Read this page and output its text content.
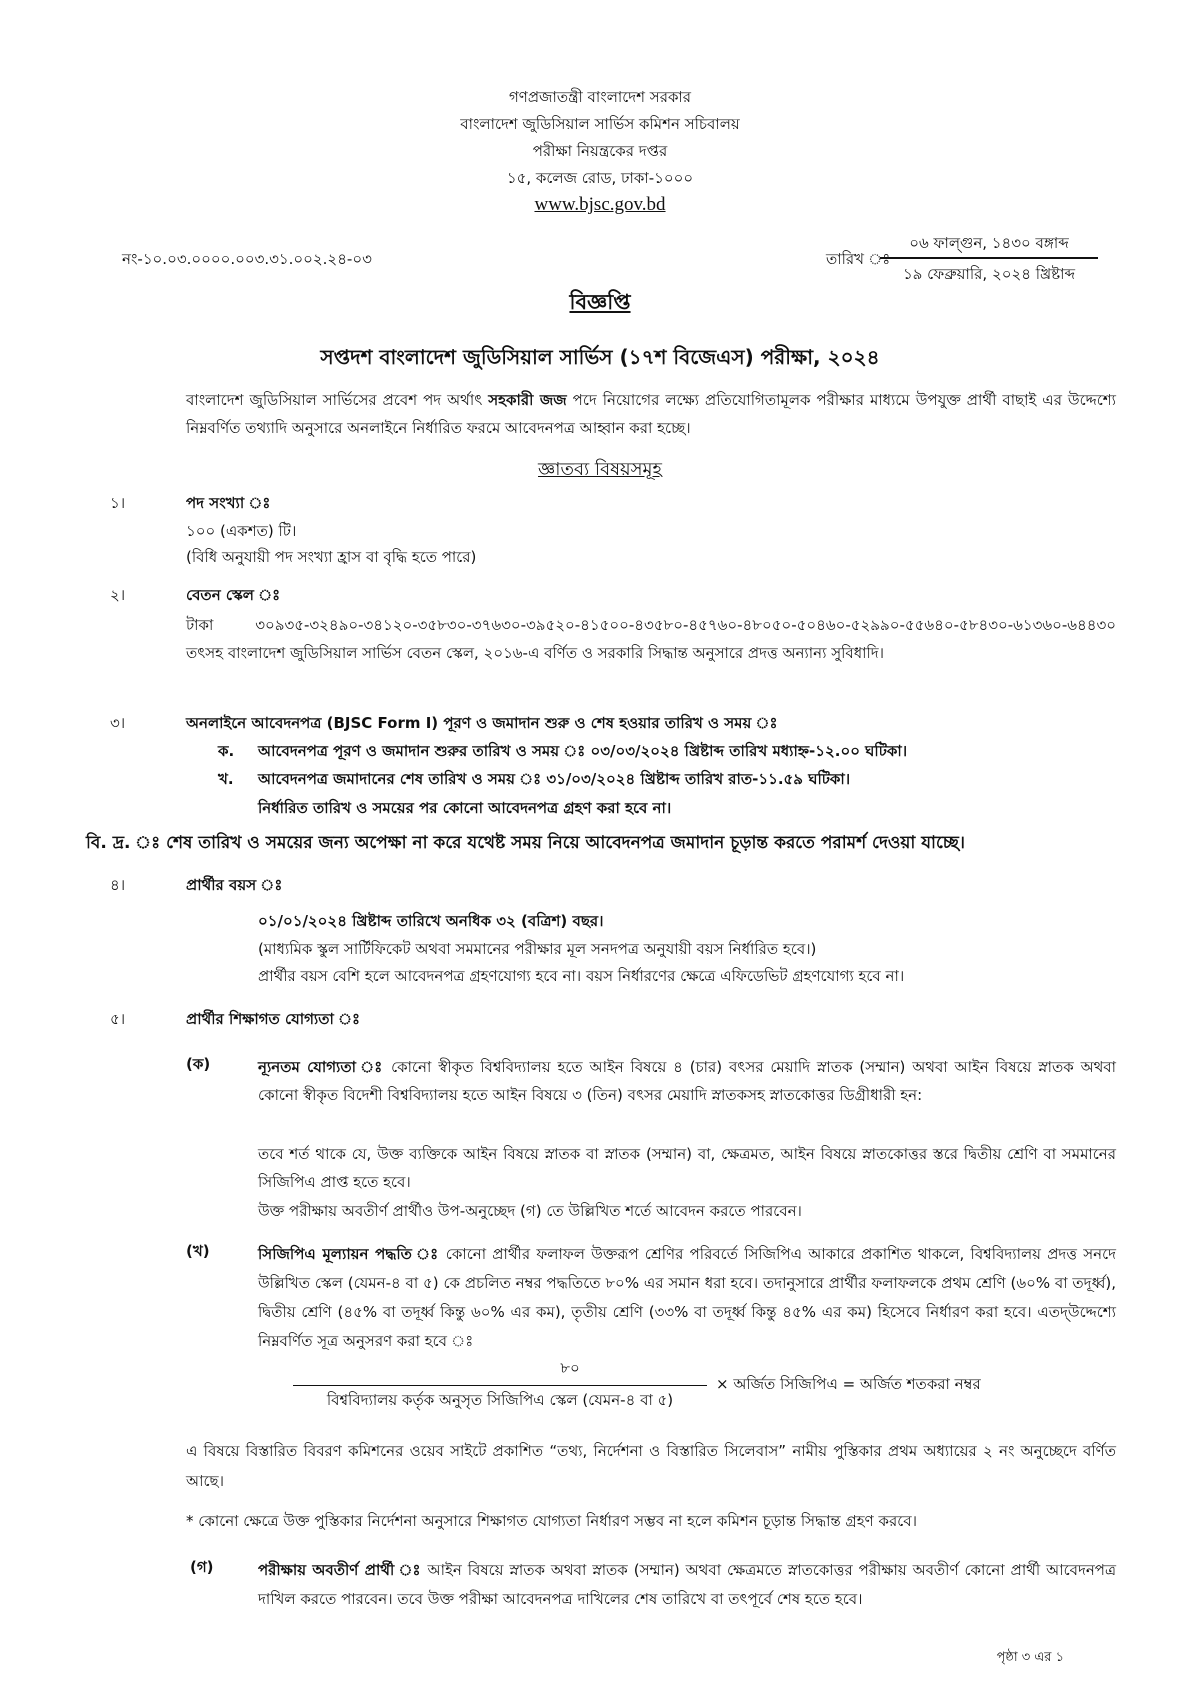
গণপ্রজাতন্ত্রী বাংলাদেশ সরকার
বাংলাদেশ জুডিসিয়াল সার্ভিস কমিশন সচিবালয়
পরীক্ষা নিয়ন্ত্রকের দপ্তর
১৫, কলেজ রোড, ঢাকা-১০০০
www.bjsc.gov.bd
নং-১০.০৩.০০০০.০০৩.৩১.০০২.২৪-০৩	তারিখ ঃ
০৬ ফাল্গুন, ১৪৩০ বঙ্গাব্দ
১৯ ফেব্রুয়ারি, ২০২৪ খ্রিষ্টাব্দ
বিজ্ঞপ্তি
সপ্তদশ বাংলাদেশ জুডিসিয়াল সার্ভিস (১৭শ বিজেএস) পরীক্ষা, ২০২৪
বাংলাদেশ জুডিসিয়াল সার্ভিসের প্রবেশ পদ অর্থাৎ সহকারী জজ পদে নিয়োগের লক্ষ্যে প্রতিযোগিতামূলক পরীক্ষার মাধ্যমে উপযুক্ত প্রার্থী বাছাই এর উদ্দেশ্যে নিম্নবর্ণিত তথ্যাদি অনুসারে অনলাইনে নির্ধারিত ফরমে আবেদনপত্র আহ্বান করা হচ্ছে।
জ্ঞাতব্য বিষয়সমূহ
১।	পদ সংখ্যা ঃ
১০০ (একশত) টি।
(বিধি অনুযায়ী পদ সংখ্যা হ্রাস বা বৃদ্ধি হতে পারে)
২।	বেতন স্কেল ঃ
টাকা ৩০৯৩৫-৩২৪৯০-৩৪১২০-৩৫৮৩০-৩৭৬৩০-৩৯৫২০-৪১৫০০-৪৩৫৮০-৪৫৭৬০-৪৮০৫০-৫০৪৬০-৫২৯৯০-৫৫৬৪০-৫৮৪৩০-৬১৩৬০-৬৪৪৩০ তৎসহ বাংলাদেশ জুডিসিয়াল সার্ভিস বেতন স্কেল, ২০১৬-এ বর্ণিত ও সরকারি সিদ্ধান্ত অনুসারে প্রদত্ত অন্যান্য সুবিধাদি।
৩।	অনলাইনে আবেদনপত্র (BJSC Form I) পূরণ ও জমাদান শুরু ও শেষ হওয়ার তারিখ ও সময় ঃ
ক. আবেদনপত্র পূরণ ও জমাদান শুরুর তারিখ ও সময় ঃ ০৩/০৩/২০২৪ খ্রিষ্টাব্দ তারিখ মধ্যাহ্ন-১২.০০ ঘটিকা।
খ. আবেদনপত্র জমাদানের শেষ তারিখ ও সময় ঃ ৩১/০৩/২০২৪ খ্রিষ্টাব্দ তারিখ রাত-১১.৫৯ ঘটিকা।
নির্ধারিত তারিখ ও সময়ের পর কোনো আবেদনপত্র গ্রহণ করা হবে না।
বি. দ্র. ঃ শেষ তারিখ ও সময়ের জন্য অপেক্ষা না করে যথেষ্ট সময় নিয়ে আবেদনপত্র জমাদান চূড়ান্ত করতে পরামর্শ দেওয়া যাচ্ছে।
৪।	প্রার্থীর বয়স ঃ
০১/০১/২০২৪ খ্রিষ্টাব্দ তারিখে অনধিক ৩২ (বত্রিশ) বছর।
(মাধ্যমিক স্কুল সার্টিফিকেট অথবা সমমানের পরীক্ষার মূল সনদপত্র অনুযায়ী বয়স নির্ধারিত হবে।)
প্রার্থীর বয়স বেশি হলে আবেদনপত্র গ্রহণযোগ্য হবে না। বয়স নির্ধারণের ক্ষেত্রে এফিডেভিট গ্রহণযোগ্য হবে না।
৫।	প্রার্থীর শিক্ষাগত যোগ্যতা ঃ
(ক)	ন্যূনতম যোগ্যতা ঃ কোনো স্বীকৃত বিশ্ববিদ্যালয় হতে আইন বিষয়ে ৪ (চার) বৎসর মেয়াদি স্নাতক (সম্মান) অথবা আইন বিষয়ে স্নাতক অথবা কোনো স্বীকৃত বিদেশী বিশ্ববিদ্যালয় হতে আইন বিষয়ে ৩ (তিন) বৎসর মেয়াদি স্নাতকসহ স্নাতকোত্তর ডিগ্রীধারী হন:
তবে শর্ত থাকে যে, উক্ত ব্যক্তিকে আইন বিষয়ে স্নাতক বা স্নাতক (সম্মান) বা, ক্ষেত্রমত, আইন বিষয়ে স্নাতকোত্তর স্তরে দ্বিতীয় শ্রেণি বা সমমানের সিজিপিএ প্রাপ্ত হতে হবে।
উক্ত পরীক্ষায় অবতীর্ণ প্রার্থীও উপ-অনুচ্ছেদ (গ) তে উল্লিখিত শর্তে আবেদন করতে পারবেন।
(খ)	সিজিপিএ মূল্যায়ন পদ্ধতি ঃ কোনো প্রার্থীর ফলাফল উক্তরূপ শ্রেণির পরিবর্তে সিজিপিএ আকারে প্রকাশিত থাকলে, বিশ্ববিদ্যালয় প্রদত্ত সনদে উল্লিখিত স্কেল (যেমন-৪ বা ৫) কে প্রচলিত নম্বর পদ্ধতিতে ৮০% এর সমান ধরা হবে। তদানুসারে প্রার্থীর ফলাফলকে প্রথম শ্রেণি (৬০% বা তদূর্ধ্ব), দ্বিতীয় শ্রেণি (৪৫% বা তদূর্ধ্ব কিন্তু ৬০% এর কম), তৃতীয় শ্রেণি (৩৩% বা তদূর্ধ্ব কিন্তু ৪৫% এর কম) হিসেবে নির্ধারণ করা হবে। এতদ্‌উদ্দেশ্যে নিম্নবর্ণিত সূত্র অনুসরণ করা হবে ঃ
৮০
বিশ্ববিদ্যালয় কর্তৃক অনুসৃত সিজিপিএ স্কেল (যেমন-৪ বা ৫)
× অর্জিত সিজিপিএ = অর্জিত শতকরা নম্বর
এ বিষয়ে বিস্তারিত বিবরণ কমিশনের ওয়েব সাইটে প্রকাশিত “তথ্য, নির্দেশনা ও বিস্তারিত সিলেবাস” নামীয় পুস্তিকার প্রথম অধ্যায়ের ২ নং অনুচ্ছেদে বর্ণিত আছে।
* কোনো ক্ষেত্রে উক্ত পুস্তিকার নির্দেশনা অনুসারে শিক্ষাগত যোগ্যতা নির্ধারণ সম্ভব না হলে কমিশন চূড়ান্ত সিদ্ধান্ত গ্রহণ করবে।
(গ)	পরীক্ষায় অবতীর্ণ প্রার্থী ঃ আইন বিষয়ে স্নাতক অথবা স্নাতক (সম্মান) অথবা ক্ষেত্রমতে স্নাতকোত্তর পরীক্ষায় অবতীর্ণ কোনো প্রার্থী আবেদনপত্র দাখিল করতে পারবেন। তবে উক্ত পরীক্ষা আবেদনপত্র দাখিলের শেষ তারিখে বা তৎপূর্বে শেষ হতে হবে।
পৃষ্ঠা ৩ এর ১
